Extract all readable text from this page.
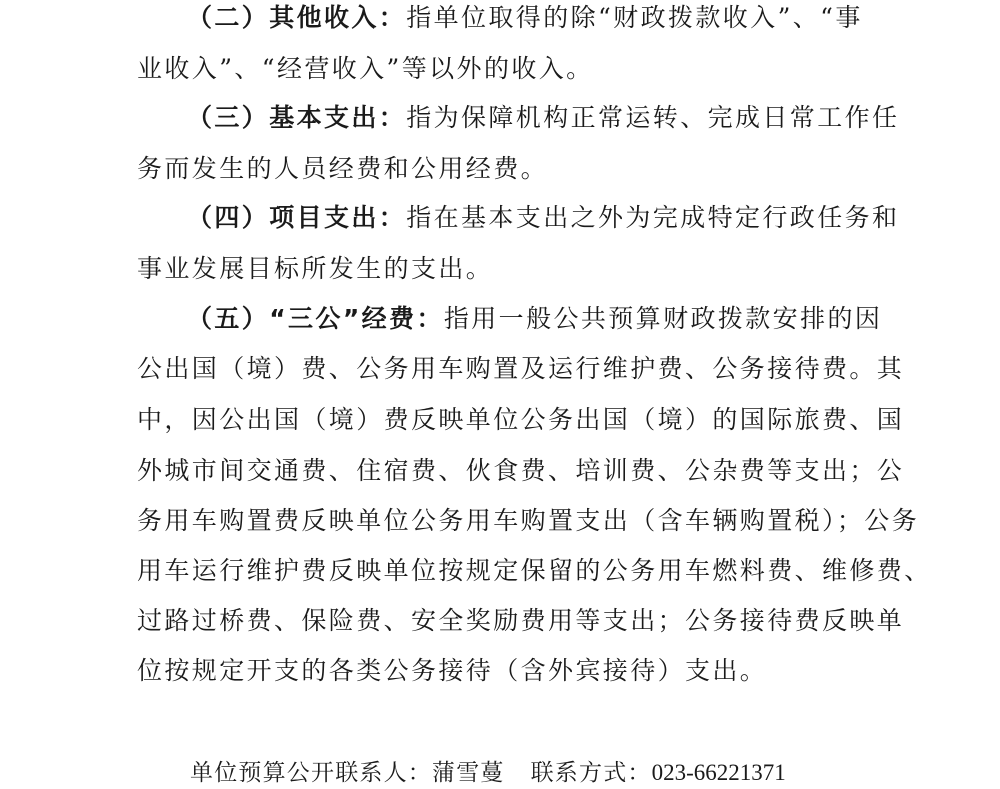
（二）其他收入：指单位取得的除“财政拨款收入”、“事
业收入”、“经营收入”等以外的收入。
（三）基本支出：指为保障机构正常运转、完成日常工作任
务而发生的人员经费和公用经费。
（四）项目支出：指在基本支出之外为完成特定行政任务和
事业发展目标所发生的支出。
（五）“三公”经费：指用一般公共预算财政拨款安排的因
公出国（境）费、公务用车购置及运行维护费、公务接待费。其
中，因公出国（境）费反映单位公务出国（境）的国际旅费、国
外城市间交通费、住宿费、伙食费、培训费、公杂费等支出；公
务用车购置费反映单位公务用车购置支出（含车辆购置税）；公务
用车运行维护费反映单位按规定保留的公务用车燃料费、维修费、
过路过桥费、保险费、安全奖励费用等支出；公务接待费反映单
位按规定开支的各类公务接待（含外宾接待）支出。
单位预算公开联系人：蒲雪蔓 联系方式：023-66221371
